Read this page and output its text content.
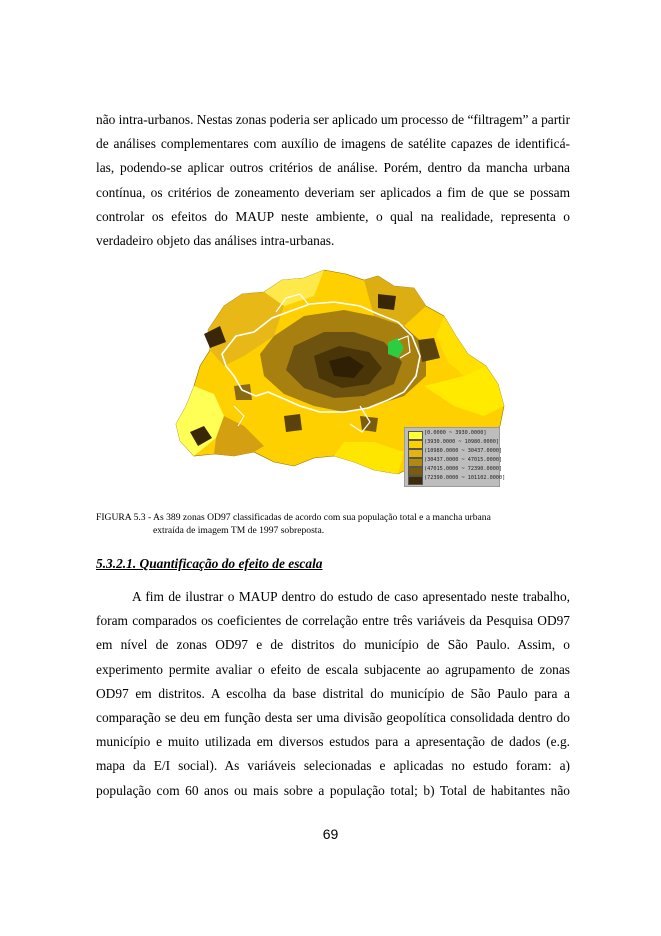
não intra-urbanos. Nestas zonas poderia ser aplicado um processo de “filtragem” a partir
de análises complementares com auxílio de imagens de satélite capazes de identificá-
las, podendo-se aplicar outros critérios de análise. Porém, dentro da mancha urbana
contínua, os critérios de zoneamento deveriam ser aplicados a fim de que se possam
controlar os efeitos do MAUP neste ambiente, o qual na realidade, representa o
verdadeiro objeto das análises intra-urbanas.
[0.0000 ~ 3930.0000]
(3930.0000 ~ 10980.0000]
(10980.0000 ~ 30437.0000]
(30437.0000 ~ 47015.0000]
(47015.0000 ~ 72390.0000]
(72390.0000 ~ 101102.0000]

FIGURA 5.3 - As 389 zonas OD97 classificadas de acordo com sua população total e a mancha urbana
extraída de imagem TM de 1997 sobreposta.

5.3.2.1. Quantificação do efeito de escala

A fim de ilustrar o MAUP dentro do estudo de caso apresentado neste trabalho,
foram comparados os coeficientes de correlação entre três variáveis da Pesquisa OD97
em nível de zonas OD97 e de distritos do município de São Paulo. Assim, o
experimento permite avaliar o efeito de escala subjacente ao agrupamento de zonas
OD97 em distritos. A escolha da base distrital do município de São Paulo para a
comparação se deu em função desta ser uma divisão geopolítica consolidada dentro do
município e muito utilizada em diversos estudos para a apresentação de dados (e.g.
mapa da E/I social). As variáveis selecionadas e aplicadas no estudo foram: a)
população com 60 anos ou mais sobre a população total; b) Total de habitantes não
69
